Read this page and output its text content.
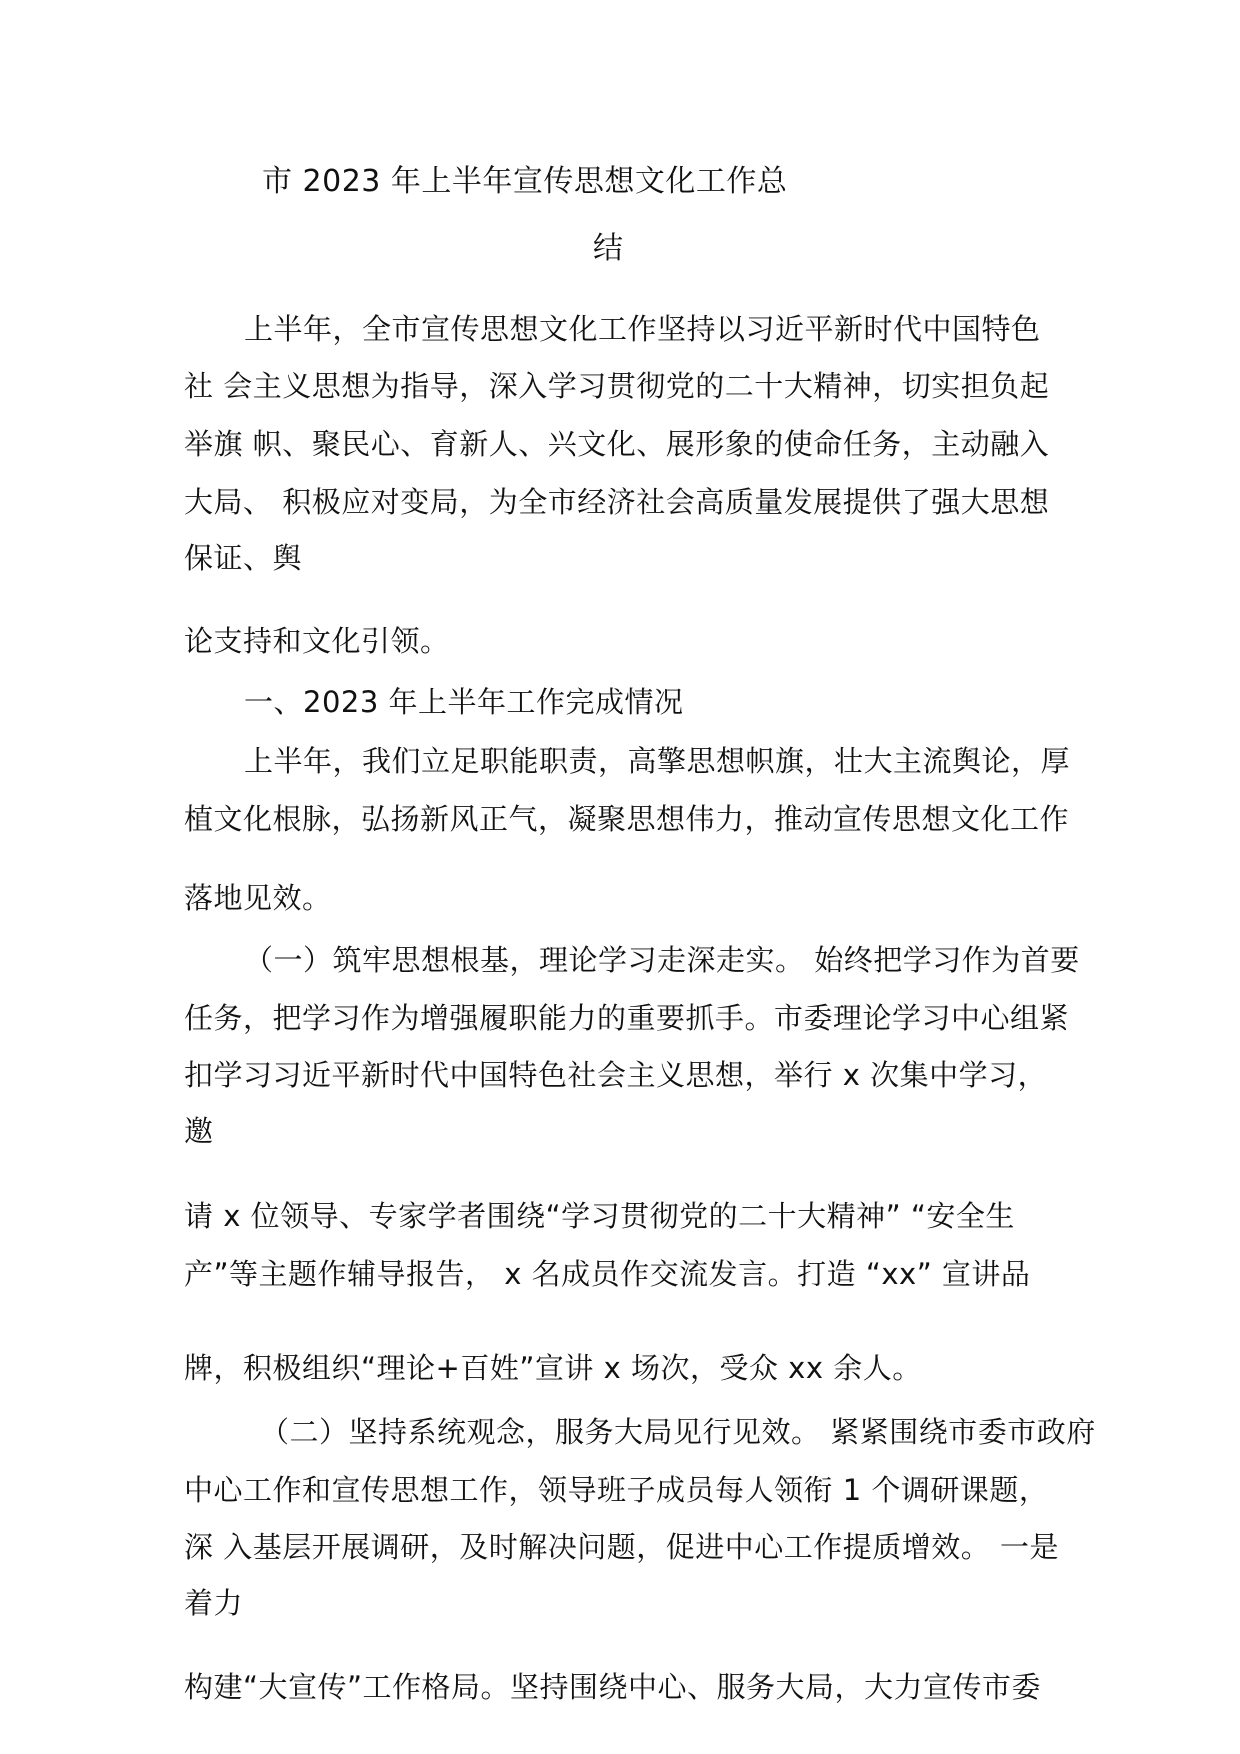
市 2023 年上半年宣传思想文化工作总
结
上半年，全市宣传思想文化工作坚持以习近平新时代中国特色
社 会主义思想为指导，深入学习贯彻党的二十大精神，切实担负起
举旗 帜、聚民心、育新人、兴文化、展形象的使命任务，主动融入
大局、 积极应对变局，为全市经济社会高质量发展提供了强大思想
保证、舆
论支持和文化引领。
一、2023 年上半年工作完成情况
上半年，我们立足职能职责，高擎思想帜旗，壮大主流舆论，厚
植文化根脉，弘扬新风正气，凝聚思想伟力，推动宣传思想文化工作
落地见效。
（一）筑牢思想根基，理论学习走深走实。 始终把学习作为首要
任务，把学习作为增强履职能力的重要抓手。市委理论学习中心组紧
扣学习习近平新时代中国特色社会主义思想，举行 x 次集中学习，
邀
请 x 位领导、专家学者围绕“学习贯彻党的二十大精神” “安全生
产”等主题作辅导报告， x 名成员作交流发言。打造 “xx” 宣讲品
牌，积极组织“理论+百姓”宣讲 x 场次，受众 xx 余人。
（二）坚持系统观念，服务大局见行见效。 紧紧围绕市委市政府
中心工作和宣传思想工作，领导班子成员每人领衔 1 个调研课题，
深 入基层开展调研，及时解决问题，促进中心工作提质增效。 一是
着力
构建“大宣传”工作格局。坚持围绕中心、服务大局，大力宣传市委
